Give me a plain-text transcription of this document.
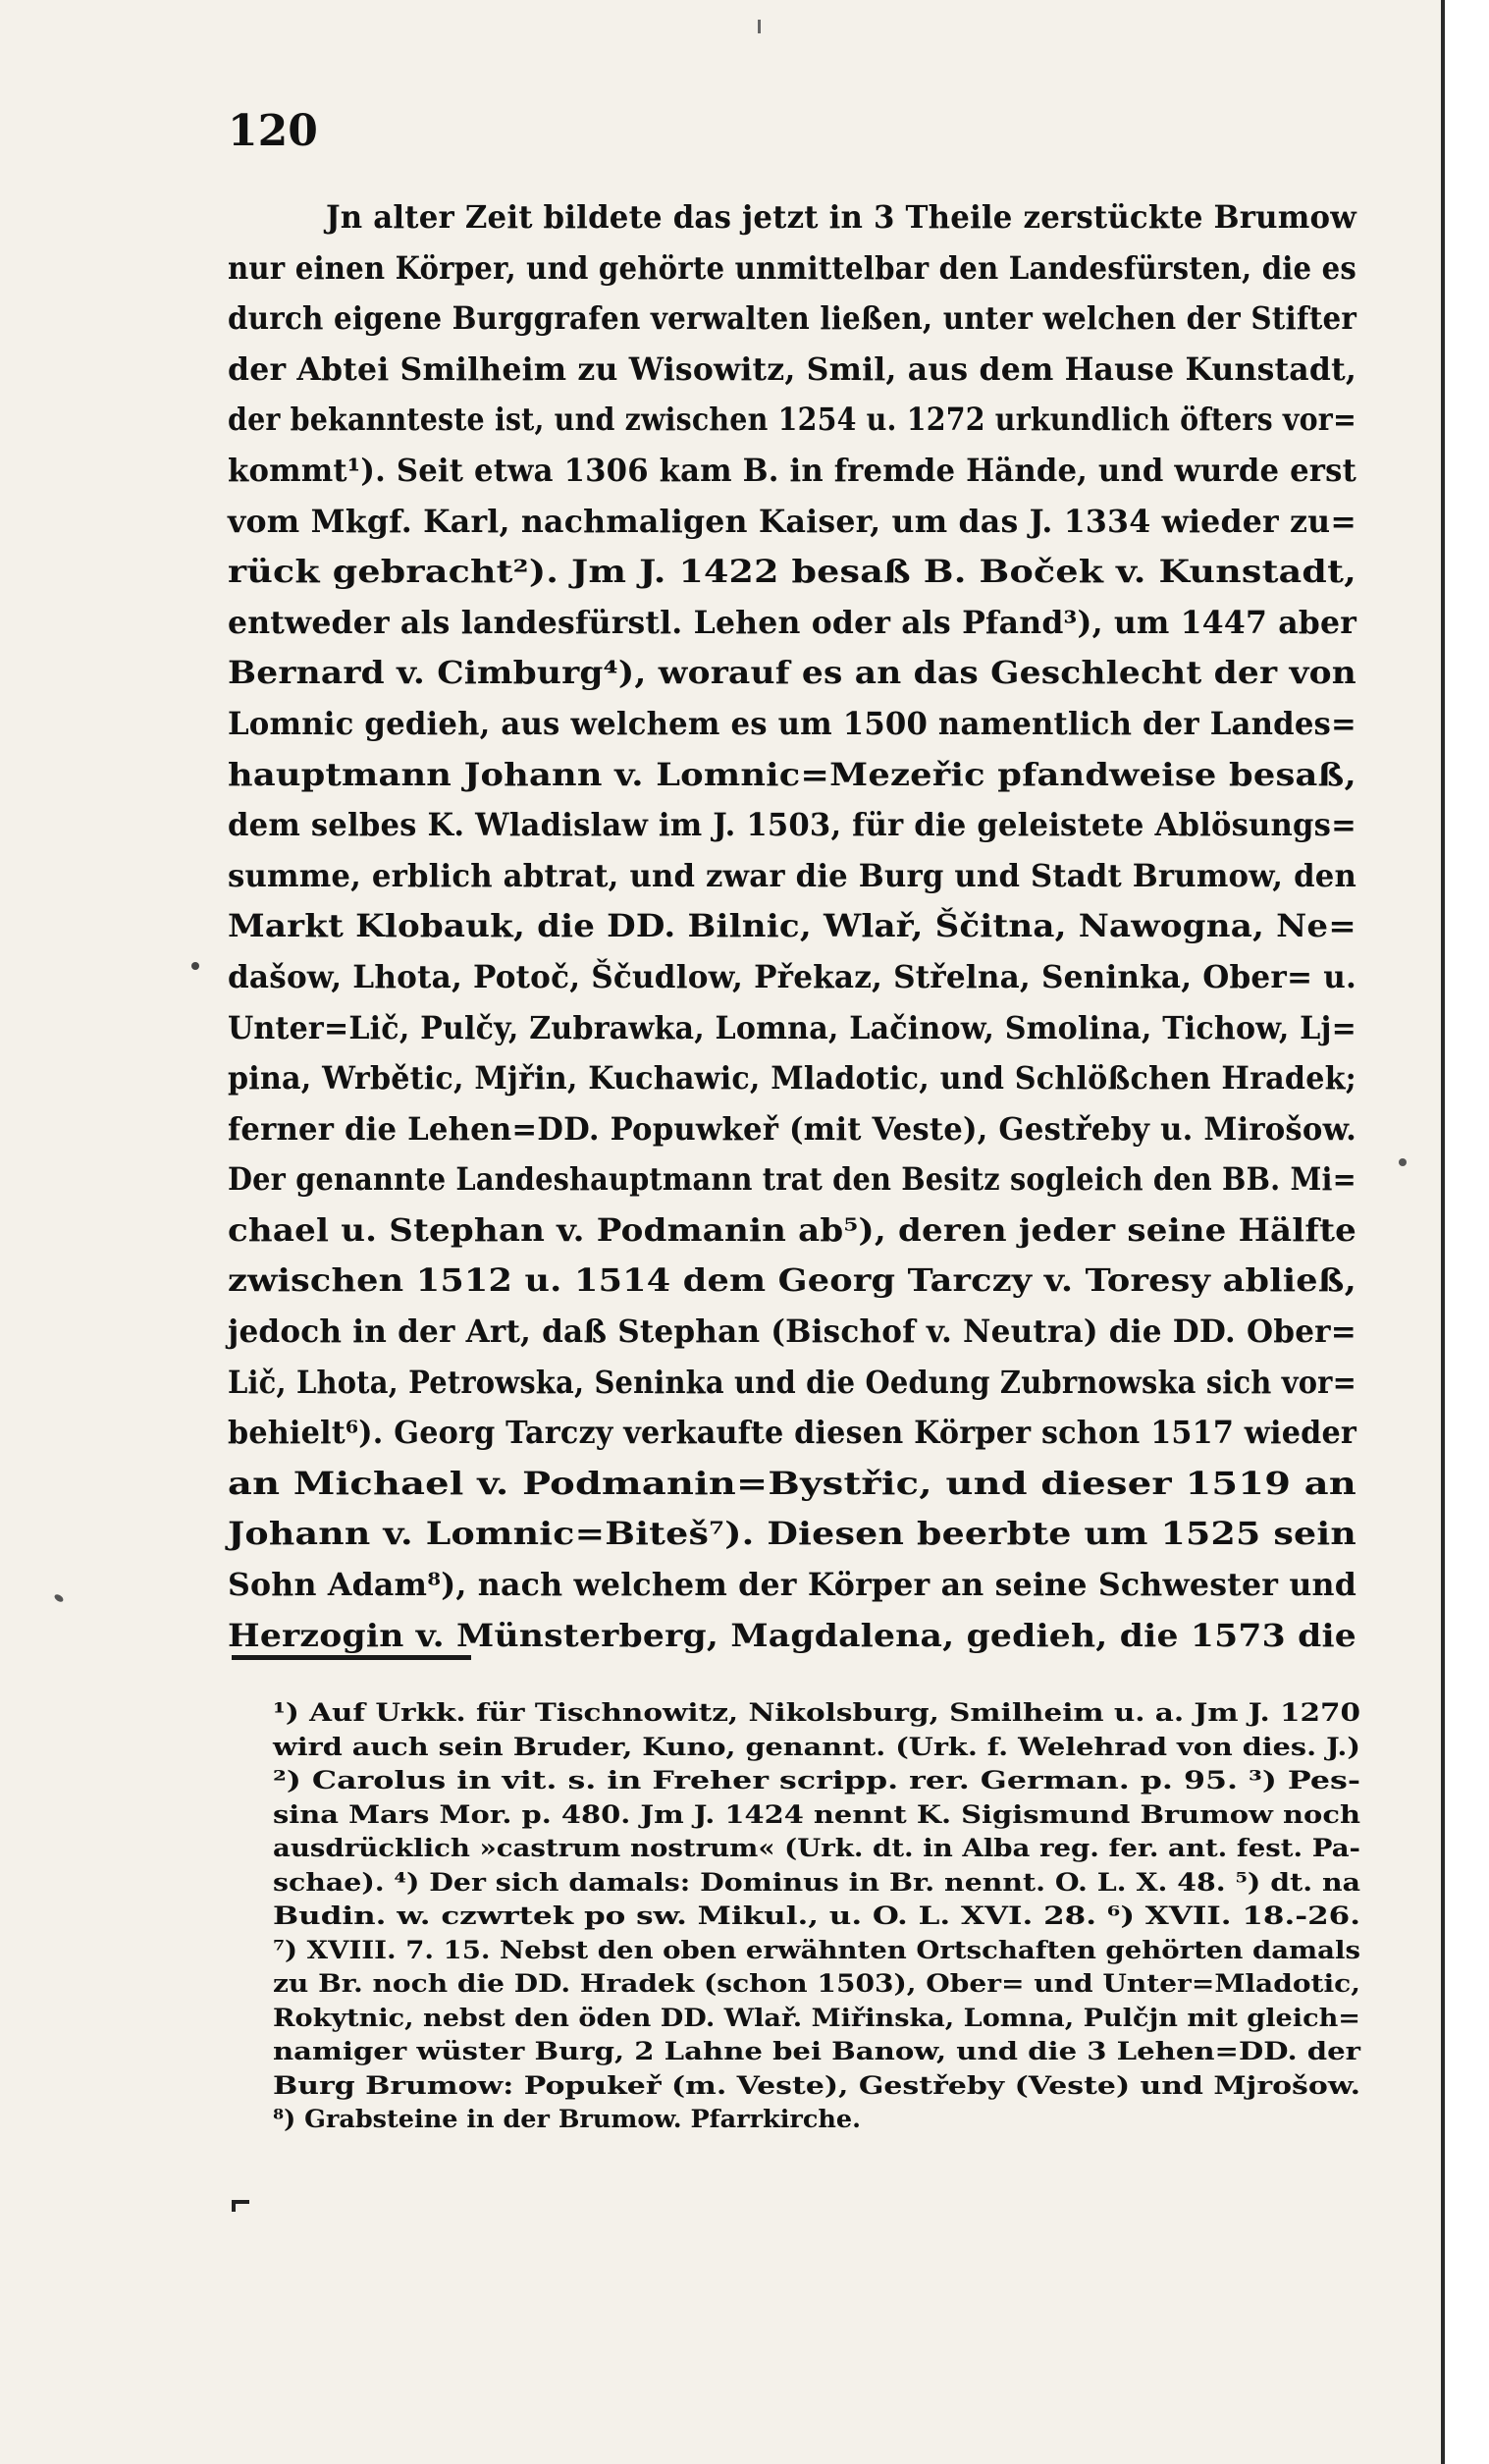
120
Jn alter Zeit bildete das jetzt in 3 Theile zerstückte Brumow
nur einen Körper, und gehörte unmittelbar den Landesfürsten, die es
durch eigene Burggrafen verwalten ließen, unter welchen der Stifter
der Abtei Smilheim zu Wisowitz, Smil, aus dem Hause Kunstadt,
der bekannteste ist, und zwischen 1254 u. 1272 urkundlich öfters vor=
kommt¹). Seit etwa 1306 kam B. in fremde Hände, und wurde erst
vom Mkgf. Karl, nachmaligen Kaiser, um das J. 1334 wieder zu=
rück gebracht²). Jm J. 1422 besaß B. Boček v. Kunstadt,
entweder als landesfürstl. Lehen oder als Pfand³), um 1447 aber
Bernard v. Cimburg⁴), worauf es an das Geschlecht der von
Lomnic gedieh, aus welchem es um 1500 namentlich der Landes=
hauptmann Johann v. Lomnic=Mezeřic pfandweise besaß,
dem selbes K. Wladislaw im J. 1503, für die geleistete Ablösungs=
summe, erblich abtrat, und zwar die Burg und Stadt Brumow, den
Markt Klobauk, die DD. Bilnic, Wlař, Ščitna, Nawogna, Ne=
dašow, Lhota, Potoč, Ščudlow, Překaz, Střelna, Seninka, Ober= u.
Unter=Lič, Pulčy, Zubrawka, Lomna, Lačinow, Smolina, Tichow, Lj=
pina, Wrbětic, Mjřin, Kuchawic, Mladotic, und Schlößchen Hradek;
ferner die Lehen=DD. Popuwkeř (mit Veste), Gestřeby u. Mirošow.
Der genannte Landeshauptmann trat den Besitz sogleich den BB. Mi=
chael u. Stephan v. Podmanin ab⁵), deren jeder seine Hälfte
zwischen 1512 u. 1514 dem Georg Tarczy v. Toresy abließ,
jedoch in der Art, daß Stephan (Bischof v. Neutra) die DD. Ober=
Lič, Lhota, Petrowska, Seninka und die Oedung Zubrnowska sich vor=
behielt⁶). Georg Tarczy verkaufte diesen Körper schon 1517 wieder
an Michael v. Podmanin=Bystřic, und dieser 1519 an
Johann v. Lomnic=Biteš⁷). Diesen beerbte um 1525 sein
Sohn Adam⁸), nach welchem der Körper an seine Schwester und
Herzogin v. Münsterberg, Magdalena, gedieh, die 1573 die
¹) Auf Urkk. für Tischnowitz, Nikolsburg, Smilheim u. a. Jm J. 1270
wird auch sein Bruder, Kuno, genannt. (Urk. f. Welehrad von dies. J.)
²) Carolus in vit. s. in Freher scripp. rer. German. p. 95. ³) Pes-
sina Mars Mor. p. 480. Jm J. 1424 nennt K. Sigismund Brumow noch
ausdrücklich »castrum nostrum« (Urk. dt. in Alba reg. fer. ant. fest. Pa-
schae). ⁴) Der sich damals: Dominus in Br. nennt. O. L. X. 48. ⁵) dt. na
Budin. w. czwrtek po sw. Mikul., u. O. L. XVI. 28. ⁶) XVII. 18.-26.
⁷) XVIII. 7. 15. Nebst den oben erwähnten Ortschaften gehörten damals
zu Br. noch die DD. Hradek (schon 1503), Ober= und Unter=Mladotic,
Rokytnic, nebst den öden DD. Wlař. Miřinska, Lomna, Pulčjn mit gleich=
namiger wüster Burg, 2 Lahne bei Banow, und die 3 Lehen=DD. der
Burg Brumow: Popukeř (m. Veste), Gestřeby (Veste) und Mjrošow.
⁸) Grabsteine in der Brumow. Pfarrkirche.
